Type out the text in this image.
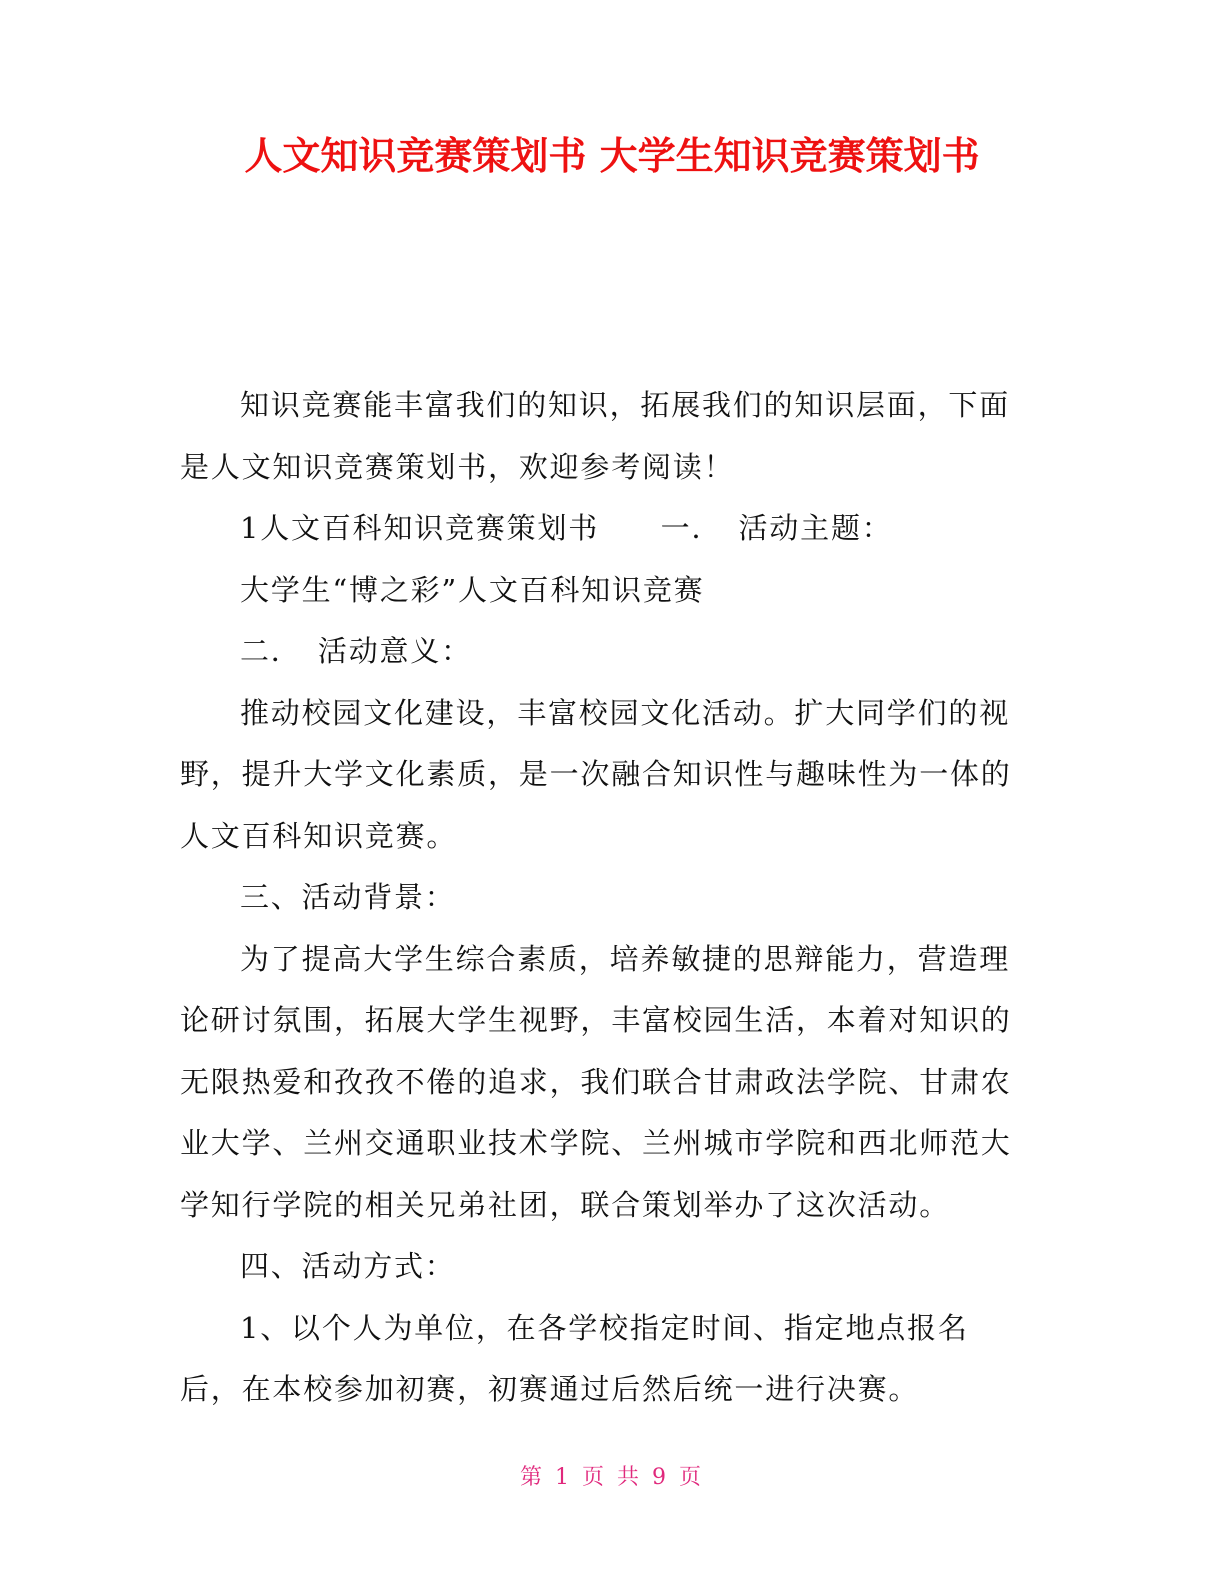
人文知识竞赛策划书 大学生知识竞赛策划书
知识竞赛能丰富我们的知识，拓展我们的知识层面，下面
是人文知识竞赛策划书，欢迎参考阅读！
1人文百科知识竞赛策划书　　一．　活动主题：
大学生“博之彩”人文百科知识竞赛
二．　活动意义：
推动校园文化建设，丰富校园文化活动。扩大同学们的视
野，提升大学文化素质，是一次融合知识性与趣味性为一体的
人文百科知识竞赛。
三、活动背景：
为了提高大学生综合素质，培养敏捷的思辩能力，营造理
论研讨氛围，拓展大学生视野，丰富校园生活，本着对知识的
无限热爱和孜孜不倦的追求，我们联合甘肃政法学院、甘肃农
业大学、兰州交通职业技术学院、兰州城市学院和西北师范大
学知行学院的相关兄弟社团，联合策划举办了这次活动。
四、活动方式：
1、以个人为单位，在各学校指定时间、指定地点报名
后，在本校参加初赛，初赛通过后然后统一进行决赛。
第 1 页 共 9 页
